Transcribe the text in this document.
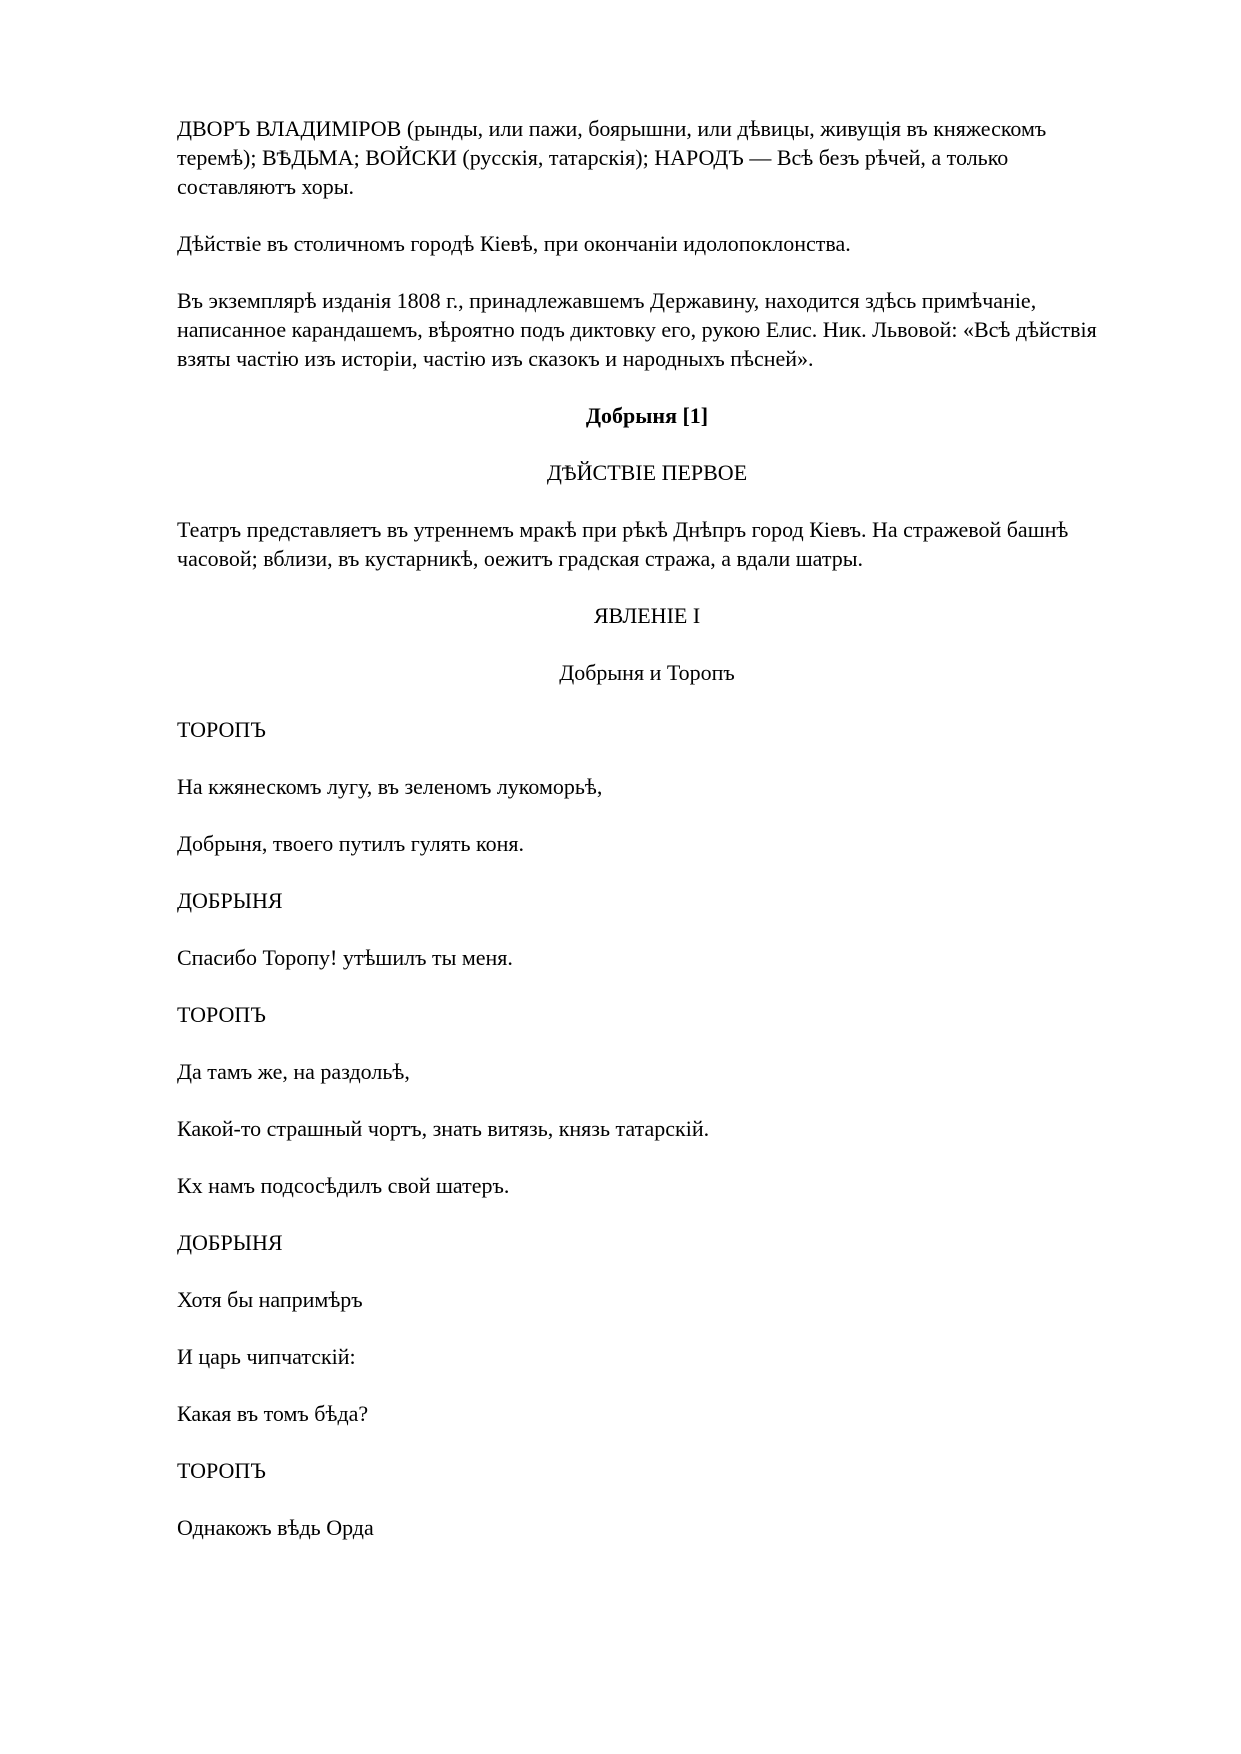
ДВОРЪ ВЛАДИМІРОВ (рынды, или пажи, боярышни, или дѣвицы, живущія въ княжескомъ теремѣ); ВѢДЬМА; ВОЙСКИ (русскія, татарскія); НАРОДЪ — Всѣ безъ рѣчей, а только составляютъ хоры.

Дѣйствіе въ столичномъ городѣ Кіевѣ, при окончаніи идолопоклонства.

Въ экземплярѣ изданія 1808 г., принадлежавшемъ Державину, находится здѣсь примѣчаніе, написанное карандашемъ, вѣроятно подъ диктовку его, рукою Елис. Ник. Львовой: «Всѣ дѣйствія взяты частію изъ исторіи, частію изъ сказокъ и народныхъ пѣсней».

Добрыня [1]

ДѢЙСТВІЕ ПЕРВОЕ

Театръ представляетъ въ утреннемъ мракѣ при рѣкѣ Днѣпръ город Кіевъ. На стражевой башнѣ часовой; вблизи, въ кустарникѣ, оежитъ градская стража, а вдали шатры.

ЯВЛЕНІЕ I

Добрыня и Торопъ

ТОРОПЪ

На кжянескомъ лугу, въ зеленомъ лукоморьѣ,

Добрыня, твоего путилъ гулять коня.

ДОБРЫНЯ

Спасибо Торопу! утѣшилъ ты меня.

ТОРОПЪ

Да тамъ же, на раздольѣ,

Какой-то страшный чортъ, знать витязь, князь татарскій.

Кх намъ подсосѣдилъ свой шатеръ.

ДОБРЫНЯ

Хотя бы напримѣръ

И царь чипчатскій:

Какая въ томъ бѣда?

ТОРОПЪ

Однакожъ вѣдь Орда
